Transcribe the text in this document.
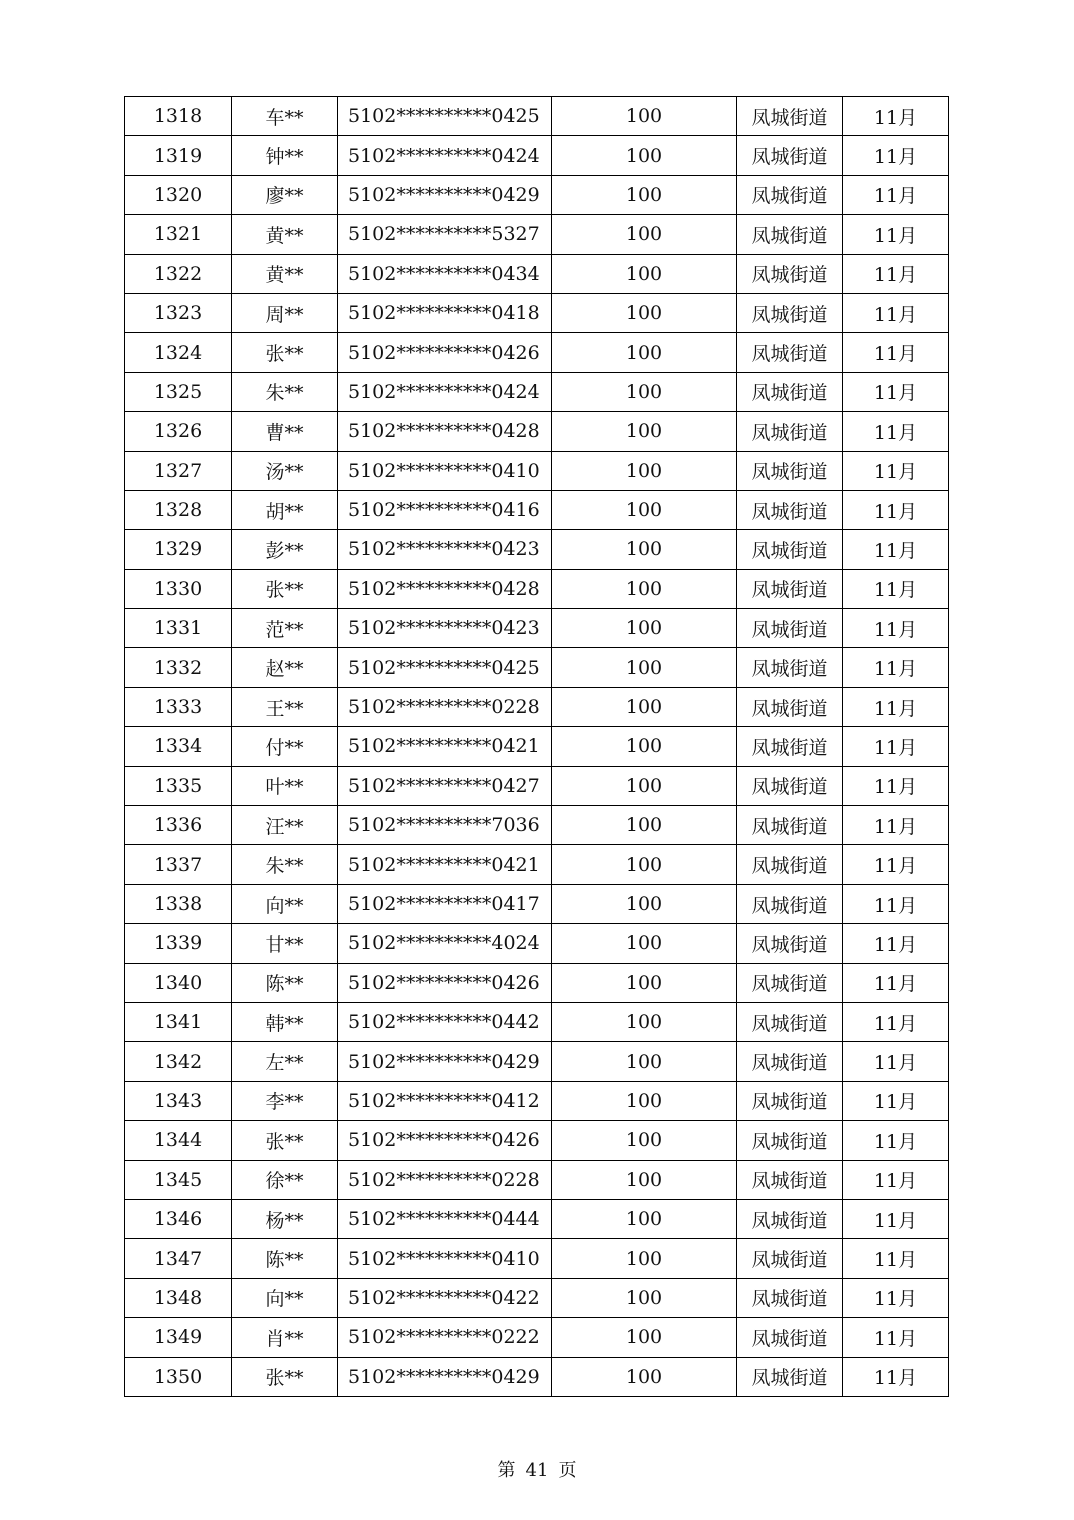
1318	车**	5102**********0425	100	凤城街道	11月
1319	钟**	5102**********0424	100	凤城街道	11月
1320	廖**	5102**********0429	100	凤城街道	11月
1321	黄**	5102**********5327	100	凤城街道	11月
1322	黄**	5102**********0434	100	凤城街道	11月
1323	周**	5102**********0418	100	凤城街道	11月
1324	张**	5102**********0426	100	凤城街道	11月
1325	朱**	5102**********0424	100	凤城街道	11月
1326	曹**	5102**********0428	100	凤城街道	11月
1327	汤**	5102**********0410	100	凤城街道	11月
1328	胡**	5102**********0416	100	凤城街道	11月
1329	彭**	5102**********0423	100	凤城街道	11月
1330	张**	5102**********0428	100	凤城街道	11月
1331	范**	5102**********0423	100	凤城街道	11月
1332	赵**	5102**********0425	100	凤城街道	11月
1333	王**	5102**********0228	100	凤城街道	11月
1334	付**	5102**********0421	100	凤城街道	11月
1335	叶**	5102**********0427	100	凤城街道	11月
1336	汪**	5102**********7036	100	凤城街道	11月
1337	朱**	5102**********0421	100	凤城街道	11月
1338	向**	5102**********0417	100	凤城街道	11月
1339	甘**	5102**********4024	100	凤城街道	11月
1340	陈**	5102**********0426	100	凤城街道	11月
1341	韩**	5102**********0442	100	凤城街道	11月
1342	左**	5102**********0429	100	凤城街道	11月
1343	李**	5102**********0412	100	凤城街道	11月
1344	张**	5102**********0426	100	凤城街道	11月
1345	徐**	5102**********0228	100	凤城街道	11月
1346	杨**	5102**********0444	100	凤城街道	11月
1347	陈**	5102**********0410	100	凤城街道	11月
1348	向**	5102**********0422	100	凤城街道	11月
1349	肖**	5102**********0222	100	凤城街道	11月
1350	张**	5102**********0429	100	凤城街道	11月
第 41 页
